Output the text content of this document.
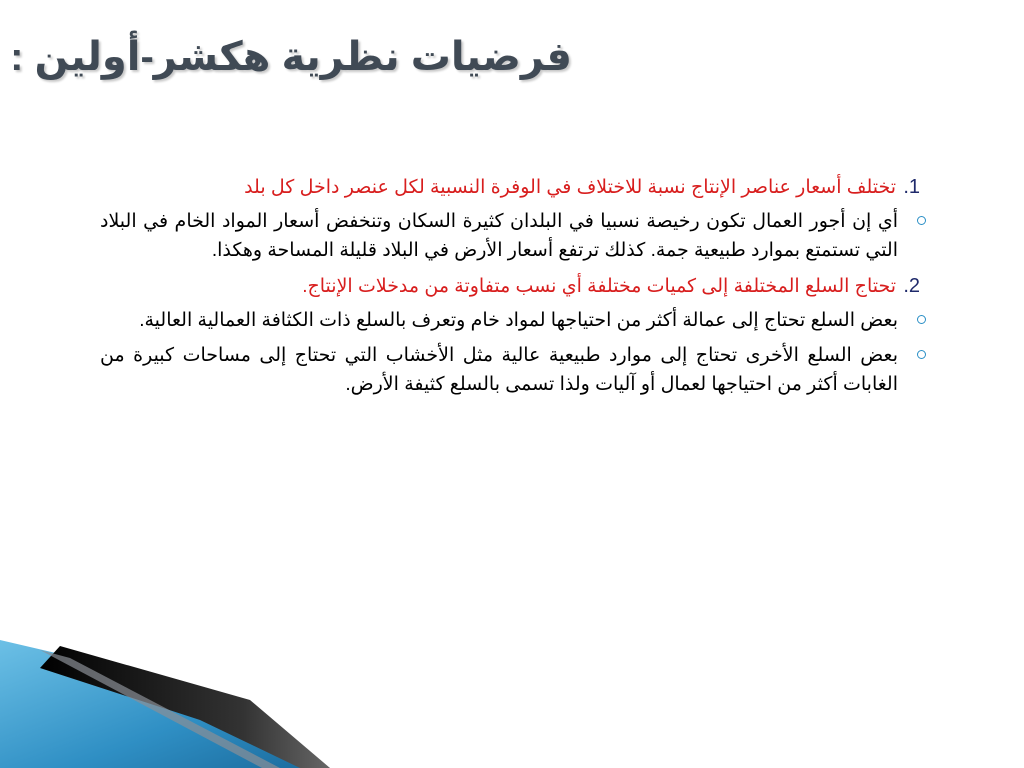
فرضيات نظرية هكشر-أولين :
1. تختلف أسعار عناصر الإنتاج نسبة للاختلاف في الوفرة النسبية لكل عنصر داخل كل بلد
أي إن أجور العمال تكون رخيصة نسبيا في البلدان كثيرة السكان وتنخفض أسعار المواد الخام في البلاد التي تستمتع بموارد طبيعية جمة. كذلك ترتفع أسعار الأرض في البلاد قليلة المساحة وهكذا.
2. تحتاج السلع المختلفة إلى كميات مختلفة أي نسب متفاوتة من مدخلات الإنتاج.
بعض السلع تحتاج إلى عمالة أكثر من احتياجها لمواد خام وتعرف بالسلع ذات الكثافة العمالية العالية.
بعض السلع الأخرى تحتاج إلى موارد طبيعية عالية مثل الأخشاب التي تحتاج إلى مساحات كبيرة من الغابات أكثر من احتياجها لعمال أو آليات ولذا تسمى بالسلع كثيفة الأرض.
